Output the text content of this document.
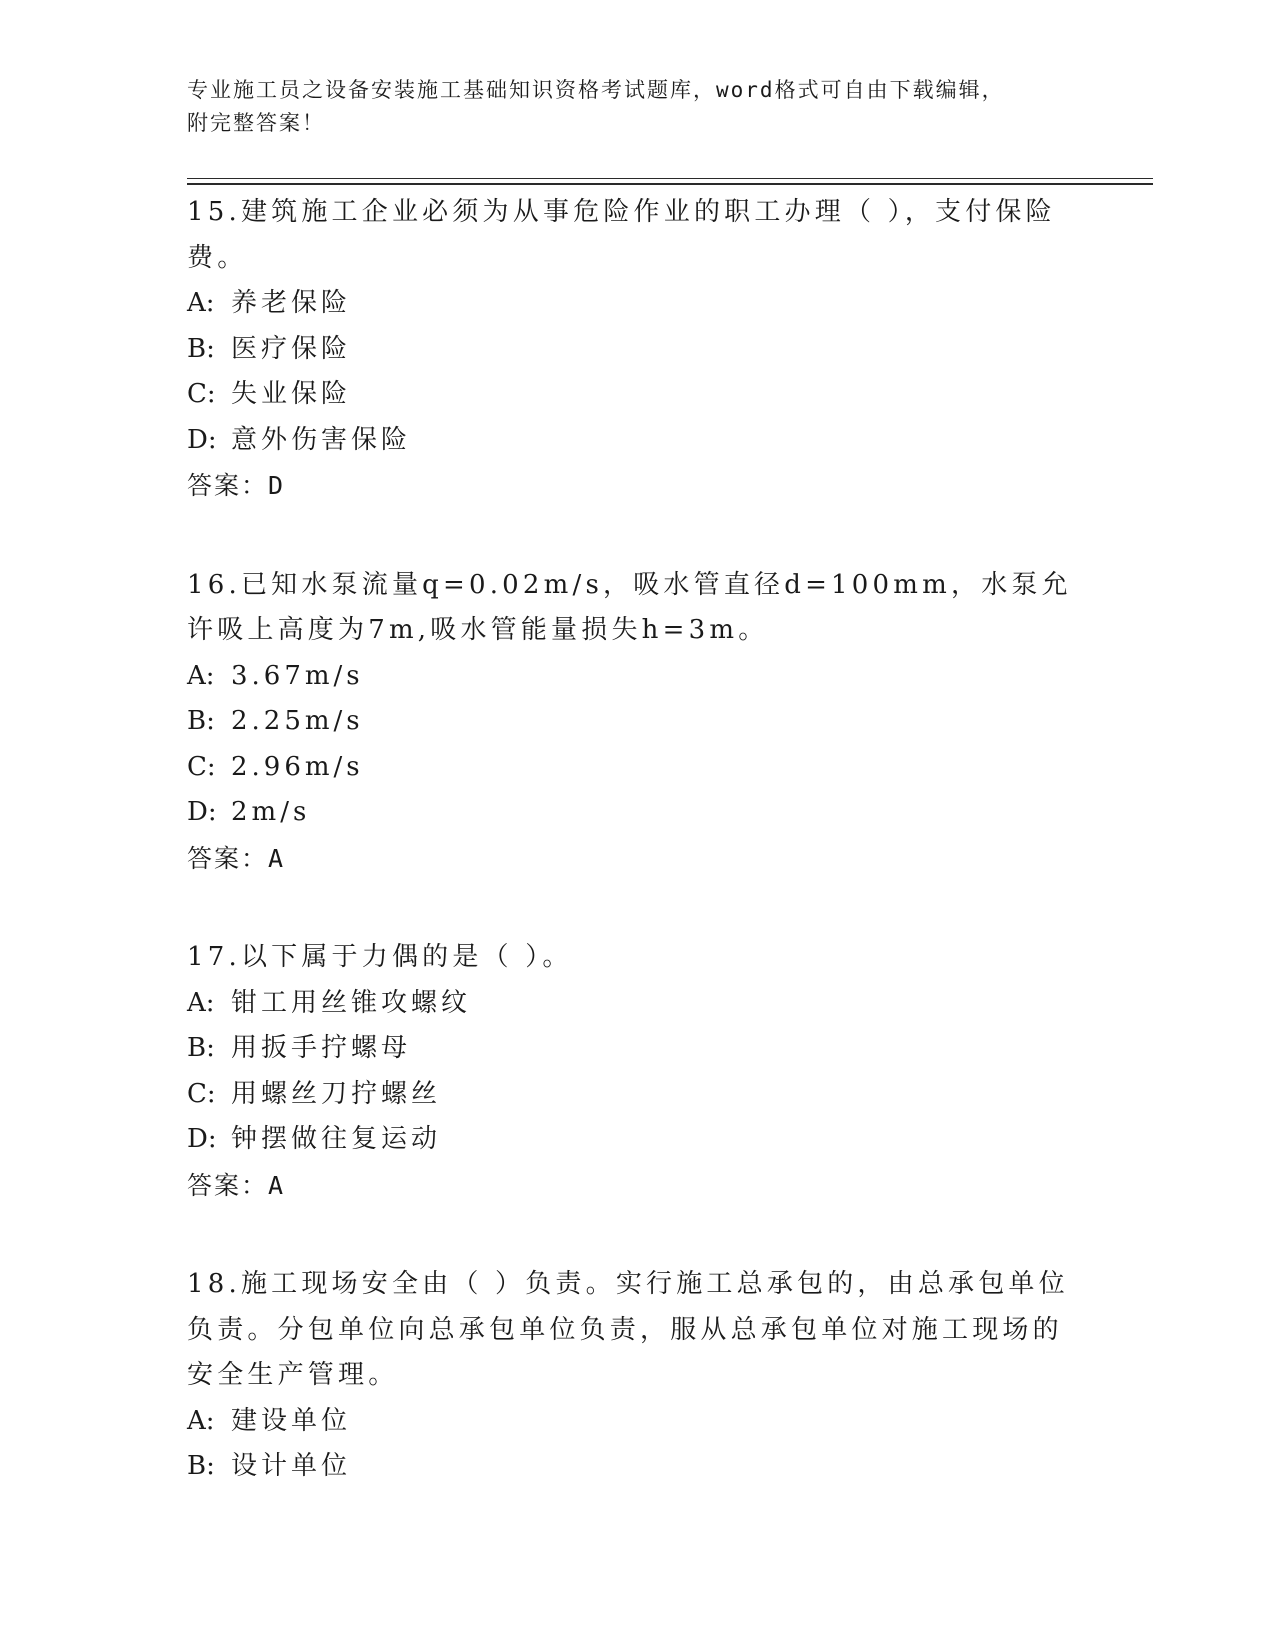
专业施工员之设备安装施工基础知识资格考试题库，word格式可自由下载编辑，
附完整答案！

15.建筑施工企业必须为从事危险作业的职工办理（ ），支付保险费。

A: 养老保险
B: 医疗保险
C: 失业保险
D: 意外伤害保险

答案：D

16.已知水泵流量q=0.02m/s，吸水管直径d=100mm，水泵允许吸上高度为7m,吸水管能量损失h=3m。

A: 3.67m/s
B: 2.25m/s
C: 2.96m/s
D: 2m/s

答案：A

17.以下属于力偶的是（ ）。

A: 钳工用丝锥攻螺纹
B: 用扳手拧螺母
C: 用螺丝刀拧螺丝
D: 钟摆做往复运动

答案：A

18.施工现场安全由（ ）负责。实行施工总承包的，由总承包单位负责。分包单位向总承包单位负责，服从总承包单位对施工现场的安全生产管理。

A: 建设单位
B: 设计单位
